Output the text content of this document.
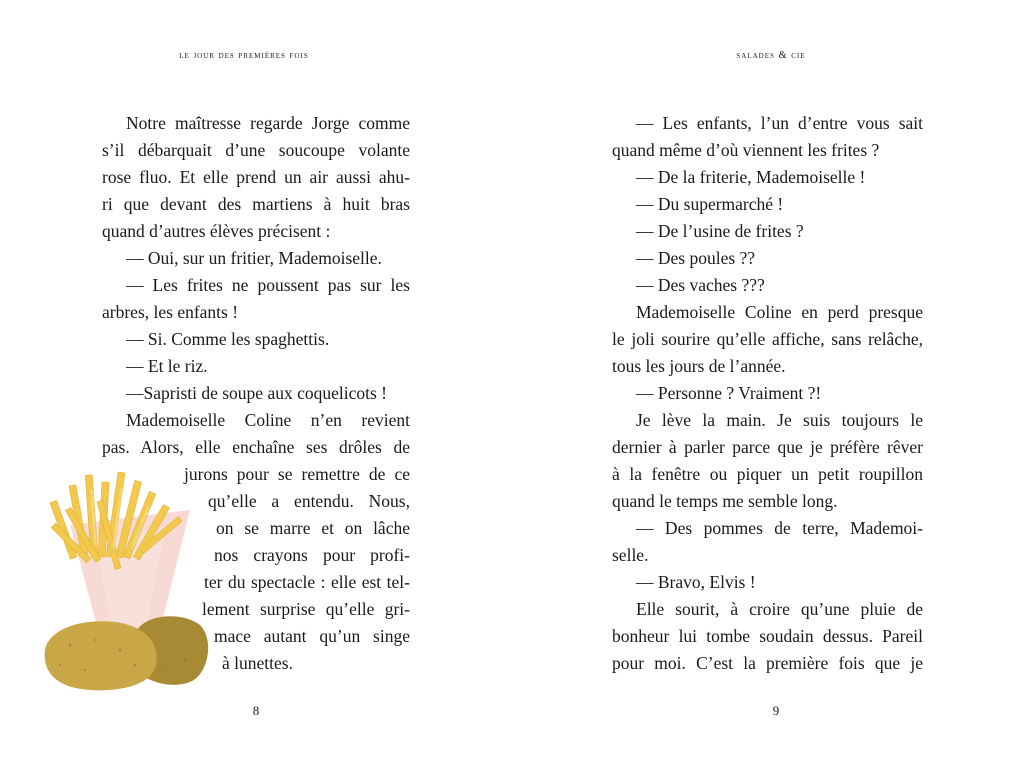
le jour des premières fois
Notre maîtresse regarde Jorge comme
s’il débarquait d’une soucoupe volante
rose fluo. Et elle prend un air aussi ahu-
ri que devant des martiens à huit bras
quand d’autres élèves précisent :
— Oui, sur un fritier, Mademoiselle.
— Les frites ne poussent pas sur les
arbres, les enfants !
— Si. Comme les spaghettis.
— Et le riz.
—Sapristi de soupe aux coquelicots !
Mademoiselle Coline n’en revient
pas. Alors, elle enchaîne ses drôles de
jurons pour se remettre de ce
qu’elle a entendu. Nous,
on se marre et on lâche
nos crayons pour profi-
ter du spectacle : elle est tel-
lement surprise qu’elle gri-
mace autant qu’un singe
à lunettes.
8
salades & cie
— Les enfants, l’un d’entre vous sait
quand même d’où viennent les frites ?
— De la friterie, Mademoiselle !
— Du supermarché !
— De l’usine de frites ?
— Des poules ??
— Des vaches ???
Mademoiselle Coline en perd presque
le joli sourire qu’elle affiche, sans relâche,
tous les jours de l’année.
— Personne ? Vraiment ?!
Je lève la main. Je suis toujours le
dernier à parler parce que je préfère rêver
à la fenêtre ou piquer un petit roupillon
quand le temps me semble long.
— Des pommes de terre, Mademoi-
selle.
— Bravo, Elvis !
Elle sourit, à croire qu’une pluie de
bonheur lui tombe soudain dessus. Pareil
pour moi. C’est la première fois que je
9
